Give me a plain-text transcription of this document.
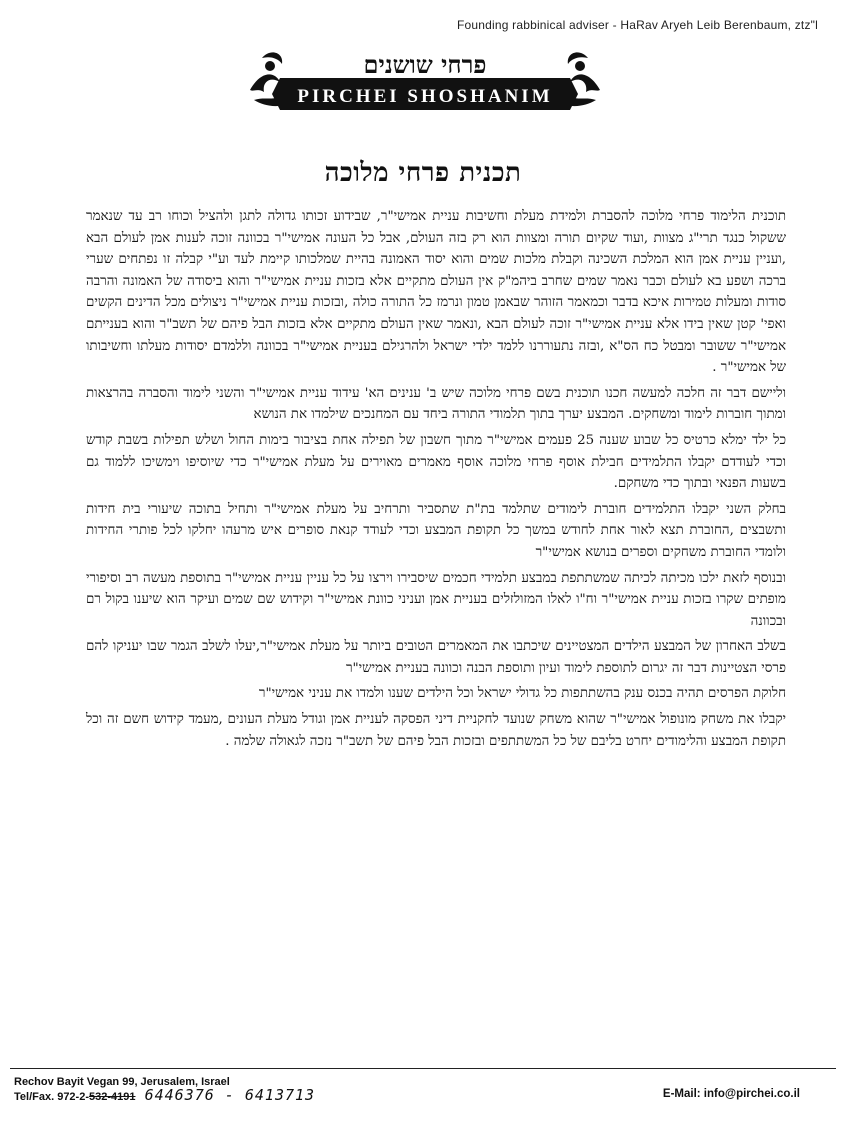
Founding rabbinical adviser - HaRav Aryeh Leib Berenbaum, ztz"l
פרחי שושנים
PIRCHEI SHOSHANIM
תכנית פרחי מלוכה

תוכנית הלימוד פרחי מלוכה להסברת ולמידת מעלת וחשיבות עניית אמישי"ר, שבידוע זכותו גדולה לתגן ולהציל וכוחו רב עד שנאמר ששקול כנגד תרי"ג מצוות ,ועוד שקיום תורה ומצוות הוא רק בזה העולם, אבל כל העונה אמישי"ר בכוונה זוכה לענות אמן לעולם הבא ,ועניין עניית אמן הוא המלכת השכינה וקבלת מלכות שמים והוא יסוד האמונה בהיית שמלכותו קיימת לעד וע"י קבלה זו נפתחים שערי ברכה ושפע בא לעולם וכבר נאמר שמים שחרב ביהמ"ק אין העולם מתקיים אלא בזכות עניית אמישי"ר והוא ביסודה של האמונה והרבה סודות ומעלות טמירות איכא בדבר וכמאמר הזוהר שבאמן טמון ונרמז כל התורה כולה ,ובזכות עניית אמישי"ר ניצולים מכל הדינים הקשים ואפי' קטן שאין בידו אלא עניית אמישי"ר זוכה לעולם הבא ,ונאמר שאין העולם מתקיים אלא בזכות הבל פיהם של תשב"ר והוא בענייתם אמישי"ר ששובר ומבטל כח הס"א ,ובזה נתעוררנו ללמד ילדי ישראל ולהרגילם בעניית אמישי"ר בכוונה וללמדם יסודות מעלתו וחשיבותו של אמישי"ר .

וליישם דבר זה חלכה למעשה חכנו תוכנית בשם פרחי מלוכה שיש ב' ענינים הא' עידוד עניית אמישי"ר והשני לימוד והסברה בהרצאות ומתוך חוברות לימוד ומשחקים. המבצע יערך בתוך תלמודי התורה ביחד עם המחנכים שילמדו את הנושא

כל ילד ימלא כרטיס כל שבוע שענה 25 פעמים אמישי"ר מתוך חשבון של תפילה אחת בציבור בימות החול ושלש תפילות בשבת קודש וכדי לעודדם יקבלו התלמידים חבילת אוסף פרחי מלוכה אוסף מאמרים מאוירים על מעלת אמישי"ר כדי שיוסיפו וימשיכו ללמוד גם בשעות הפנאי ובתוך כדי משחקם.

בחלק השני יקבלו התלמידים חוברת לימודים שתלמד בת"ת שתסביר ותרחיב על מעלת אמישי"ר ותחיל בתוכה שיעורי בית חידות ותשבצים ,החוברת תצא לאור אחת לחודש במשך כל תקופת המבצע וכדי לעודד קנאת סופרים איש מרעהו יחלקו לכל פותרי החידות ולומדי החוברת משחקים וספרים בנושא אמישי"ר

ובנוסף לזאת ילכו מכיתה לכיתה שמשתתפת במבצע תלמידי חכמים שיסבירו וירצו על כל עניין עניית אמישי"ר בתוספת מעשה רב וסיפורי מופתים שקרו בזכות עניית אמישי"ר וח"ו לאלו המזולזלים בעניית אמן ועניני כוונת אמישי"ר וקידוש שם שמים ועיקר הוא שיענו בקול רם ובכוונה

בשלב האחרון של המבצע הילדים המצטיינים שיכתבו את המאמרים הטובים ביותר על מעלת אמישי"ר,יעלו לשלב הגמר שבו יעניקו להם פרסי הצטיינות דבר זה יגרום לתוספת לימוד ועיון ותוספת הבנה וכוונה בעניית אמישי"ר

חלוקת הפרסים תהיה בכנס ענק בהשתתפות כל גדולי ישראל וכל הילדים שענו ולמדו את עניני אמישי"ר

יקבלו את משחק מונופול אמישי"ר שהוא משחק שנועד לחקניית דיני הפסקה לעניית אמן וגודל מעלת העונים ,מעמד קידוש חשם זה וכל תקופת המבצע והלימודים יחרט בליבם של כל המשתתפים ובזכות הבל פיהם של תשב"ר נזכה לגאולה שלמה .

Rechov Bayit Vegan 99, Jerusalem, Israel
Tel/Fax. 972-2-532-4191 6446376 - 6413713	E-Mail: info@pirchei.co.il
